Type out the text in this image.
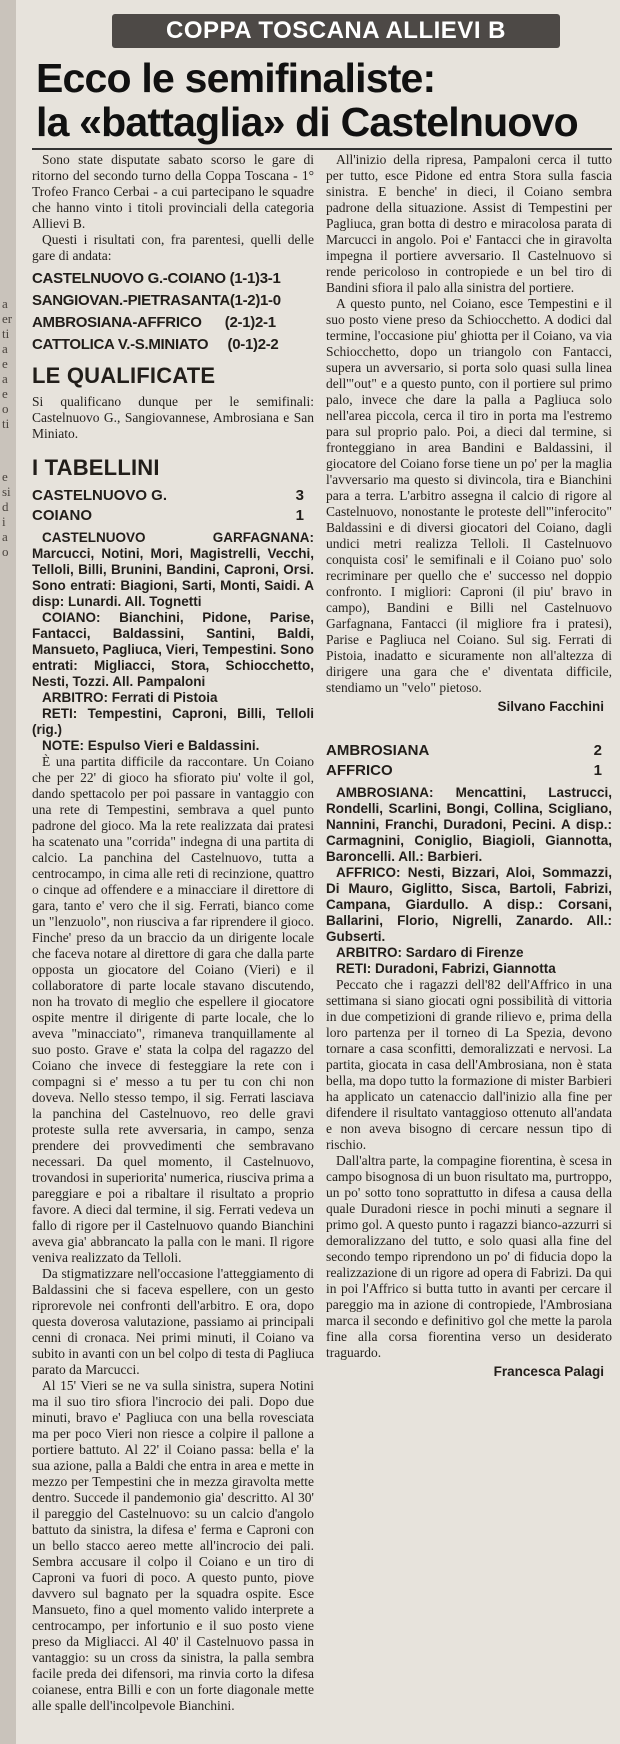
a
er
ti
a
e
a
e
o
ti

e
si
d
i
a
o
COPPA TOSCANA ALLIEVI B
Ecco le semifinaliste:
la «battaglia» di Castelnuovo

Sono state disputate sabato scorso le gare di ritorno del secondo turno della Coppa Toscana - 1° Trofeo Franco Cerbai - a cui partecipano le squadre che hanno vinto i titoli provinciali della categoria Allievi B.

Questi i risultati con, fra parentesi, quelli delle gare di andata:

CASTELNUOVO G.-COIANO (1-1)3-1
SANGIOVAN.-PIETRASANTA(1-2)1-0
AMBROSIANA-AFFRICO      (2-1)2-1
CATTOLICA V.-S.MINIATO     (0-1)2-2
LE QUALIFICATE

Si qualificano dunque per le semifinali: Castelnuovo G., Sangiovannese, Ambrosiana e San Miniato.

I TABELLINI
CASTELNUOVO G.	3
COIANO	1

CASTELNUOVO GARFAGNANA: Marcucci, Notini, Mori, Magistrelli, Vecchi, Telloli, Billi, Brunini, Bandini, Caproni, Orsi. Sono entrati: Biagioni, Sarti, Monti, Saidi. A disp: Lunardi. All. Tognetti

COIANO: Bianchini, Pidone, Parise, Fantacci, Baldassini, Santini, Baldi, Mansueto, Pagliuca, Vieri, Tempestini. Sono entrati: Migliacci, Stora, Schiocchetto, Nesti, Tozzi. All. Pampaloni

ARBITRO: Ferrati di Pistoia

RETI: Tempestini, Caproni, Billi, Telloli (rig.)

NOTE: Espulso Vieri e Baldassini.

È una partita difficile da raccontare. Un Coiano che per 22' di gioco ha sfiorato piu' volte il gol, dando spettacolo per poi passare in vantaggio con una rete di Tempestini, sembrava a quel punto padrone del gioco. Ma la rete realizzata dai pratesi ha scatenato una "corrida" indegna di una partita di calcio. La panchina del Castelnuovo, tutta a centrocampo, in cima alle reti di recinzione, quattro o cinque ad offendere e a minacciare il direttore di gara, tanto e' vero che il sig. Ferrati, bianco come un "lenzuolo", non riusciva a far riprendere il gioco. Finche' preso da un braccio da un dirigente locale che faceva notare al direttore di gara che dalla parte opposta un giocatore del Coiano (Vieri) e il collaboratore di parte locale stavano discutendo, non ha trovato di meglio che espellere il giocatore ospite mentre il dirigente di parte locale, che lo aveva "minacciato", rimaneva tranquillamente al suo posto. Grave e' stata la colpa del ragazzo del Coiano che invece di festeggiare la rete con i compagni si e' messo a tu per tu con chi non doveva. Nello stesso tempo, il sig. Ferrati lasciava la panchina del Castelnuovo, reo delle gravi proteste sulla rete avversaria, in campo, senza prendere dei provvedimenti che sembravano necessari. Da quel momento, il Castelnuovo, trovandosi in superiorita' numerica, riusciva prima a pareggiare e poi a ribaltare il risultato a proprio favore. A dieci dal termine, il sig. Ferrati vedeva un fallo di rigore per il Castelnuovo quando Bianchini aveva gia' abbrancato la palla con le mani. Il rigore veniva realizzato da Telloli.

Da stigmatizzare nell'occasione l'atteggiamento di Baldassini che si faceva espellere, con un gesto riprorevole nei confronti dell'arbitro. E ora, dopo questa doverosa valutazione, passiamo ai principali cenni di cronaca. Nei primi minuti, il Coiano va subito in avanti con un bel colpo di testa di Pagliuca parato da Marcucci.

Al 15' Vieri se ne va sulla sinistra, supera Notini ma il suo tiro sfiora l'incrocio dei pali. Dopo due minuti, bravo e' Pagliuca con una bella rovesciata ma per poco Vieri non riesce a colpire il pallone a portiere battuto. Al 22' il Coiano passa: bella e' la sua azione, palla a Baldi che entra in area e mette in mezzo per Tempestini che in mezza giravolta mette dentro. Succede il pandemonio gia' descritto. Al 30' il pareggio del Castelnuovo: su un calcio d'angolo battuto da sinistra, la difesa e' ferma e Caproni con un bello stacco aereo mette all'incrocio dei pali. Sembra accusare il colpo il Coiano e un tiro di Caproni va fuori di poco. A questo punto, piove davvero sul bagnato per la squadra ospite. Esce Mansueto, fino a quel momento valido interprete a centrocampo, per infortunio e il suo posto viene preso da Migliacci. Al 40' il Castelnuovo passa in vantaggio: su un cross da sinistra, la palla sembra facile preda dei difensori, ma rinvia corto la difesa coianese, entra Billi e con un forte diagonale mette alle spalle dell'incolpevole Bianchini.

All'inizio della ripresa, Pampaloni cerca il tutto per tutto, esce Pidone ed entra Stora sulla fascia sinistra. E benche' in dieci, il Coiano sembra padrone della situazione. Assist di Tempestini per Pagliuca, gran botta di destro e miracolosa parata di Marcucci in angolo. Poi e' Fantacci che in giravolta impegna il portiere avversario. Il Castelnuovo si rende pericoloso in contropiede e un bel tiro di Bandini sfiora il palo alla sinistra del portiere.

A questo punto, nel Coiano, esce Tempestini e il suo posto viene preso da Schiocchetto. A dodici dal termine, l'occasione piu' ghiotta per il Coiano, va via Schiocchetto, dopo un triangolo con Fantacci, supera un avversario, si porta solo quasi sulla linea dell'"out" e a questo punto, con il portiere sul primo palo, invece che dare la palla a Pagliuca solo nell'area piccola, cerca il tiro in porta ma l'estremo para sul proprio palo. Poi, a dieci dal termine, si fronteggiano in area Bandini e Baldassini, il giocatore del Coiano forse tiene un po' per la maglia l'avversario ma questo si divincola, tira e Bianchini para a terra. L'arbitro assegna il calcio di rigore al Castelnuovo, nonostante le proteste dell'"inferocito" Baldassini e di diversi giocatori del Coiano, dagli undici metri realizza Telloli. Il Castelnuovo conquista cosi' le semifinali e il Coiano puo' solo recriminare per quello che e' successo nel doppio confronto. I migliori: Caproni (il piu' bravo in campo), Bandini e Billi nel Castelnuovo Garfagnana, Fantacci (il migliore fra i pratesi), Parise e Pagliuca nel Coiano. Sul sig. Ferrati di Pistoia, inadatto e sicuramente non all'altezza di dirigere una gara che e' diventata difficile, stendiamo un "velo" pietoso.

Silvano Facchini
AMBROSIANA	2
AFFRICO	1

AMBROSIANA: Mencattini, Lastrucci, Rondelli, Scarlini, Bongi, Collina, Scigliano, Nannini, Franchi, Duradoni, Pecini. A disp.: Carmagnini, Coniglio, Biagioli, Giannotta, Baroncelli. All.: Barbieri.

AFFRICO: Nesti, Bizzari, Aloi, Sommazzi, Di Mauro, Giglitto, Sisca, Bartoli, Fabrizi, Campana, Giardullo. A disp.: Corsani, Ballarini, Florio, Nigrelli, Zanardo. All.: Gubserti.

ARBITRO: Sardaro di Firenze

RETI: Duradoni, Fabrizi, Giannotta

Peccato che i ragazzi dell'82 dell'Affrico in una settimana si siano giocati ogni possibilità di vittoria in due competizioni di grande rilievo e, prima della loro partenza per il torneo di La Spezia, devono tornare a casa sconfitti, demoralizzati e nervosi. La partita, giocata in casa dell'Ambrosiana, non è stata bella, ma dopo tutto la formazione di mister Barbieri ha applicato un catenaccio dall'inizio alla fine per difendere il risultato vantaggioso ottenuto all'andata e non aveva bisogno di cercare nessun tipo di rischio.

Dall'altra parte, la compagine fiorentina, è scesa in campo bisognosa di un buon risultato ma, purtroppo, un po' sotto tono soprattutto in difesa a causa della quale Duradoni riesce in pochi minuti a segnare il primo gol. A questo punto i ragazzi bianco-azzurri si demoralizzano del tutto, e solo quasi alla fine del secondo tempo riprendono un po' di fiducia dopo la realizzazione di un rigore ad opera di Fabrizi. Da qui in poi l'Affrico si butta tutto in avanti per cercare il pareggio ma in azione di contropiede, l'Ambrosiana marca il secondo e definitivo gol che mette la parola fine alla corsa fiorentina verso un desiderato traguardo.

Francesca Palagi
